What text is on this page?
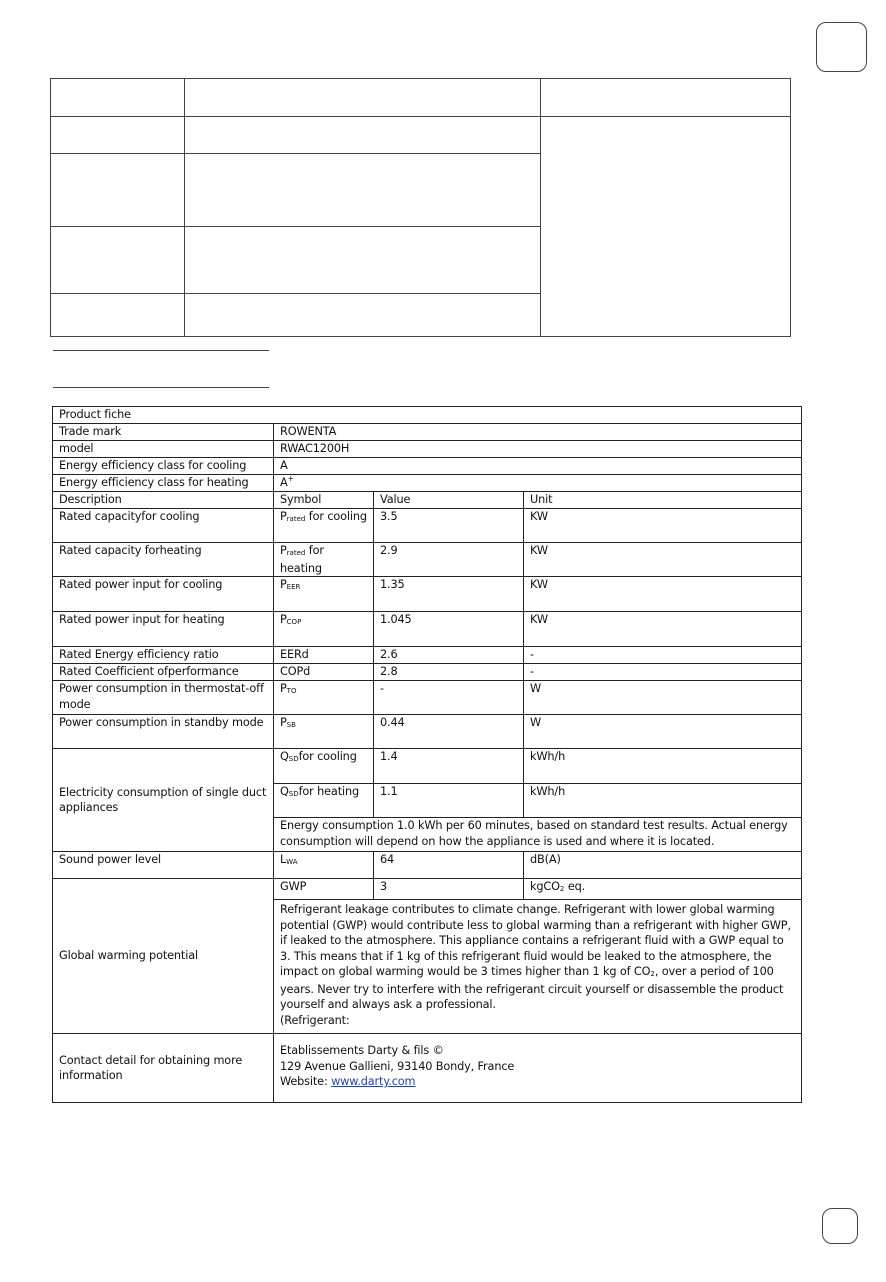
Product fiche			
Trade mark	ROWENTA		
model	RWAC1200H		
Energy efficiency class for cooling	A		
Energy efficiency class for heating	A+
Description	Symbol	Value	Unit
Rated capacityfor cooling	Prated for cooling	3.5	KW
Rated capacity forheating	Prated for heating	2.9	KW
Rated power input for cooling	PEER	1.35	KW
Rated power input for heating	PCOP	1.045	KW
Rated Energy efficiency ratio	EERd	2.6	-
Rated Coefficient ofperformance	COPd	2.8	-
Power consumption in thermostat-off mode	PTO	-	W
Power consumption in standby mode	PSB	0.44	W
Electricity consumption of single duct appliances	QSDfor cooling	1.4	kWh/h
	QSDfor heating	1.1	kWh/h
	Energy consumption 1.0 kWh per 60 minutes, based on standard test results. Actual energy consumption will depend on how the appliance is used and where it is located.		
Sound power level	LWA	64	dB(A)
Global warming potential	GWP	3	kgCO2 eq.
	Refrigerant leakage contributes to climate change. Refrigerant with lower global warming potential (GWP) would contribute less to global warming than a refrigerant with higher GWP, if leaked to the atmosphere. This appliance contains a refrigerant fluid with a GWP equal to 3. This means that if 1 kg of this refrigerant fluid would be leaked to the atmosphere, the impact on global warming would be 3 times higher than 1 kg of CO2, over a period of 100 years. Never try to interfere with the refrigerant circuit yourself or disassemble the product yourself and always ask a professional.
(Refrigerant:		
Contact detail for obtaining more information	Etablissements Darty & fils ©
129 Avenue Gallieni, 93140 Bondy, France
Website: www.darty.com		
